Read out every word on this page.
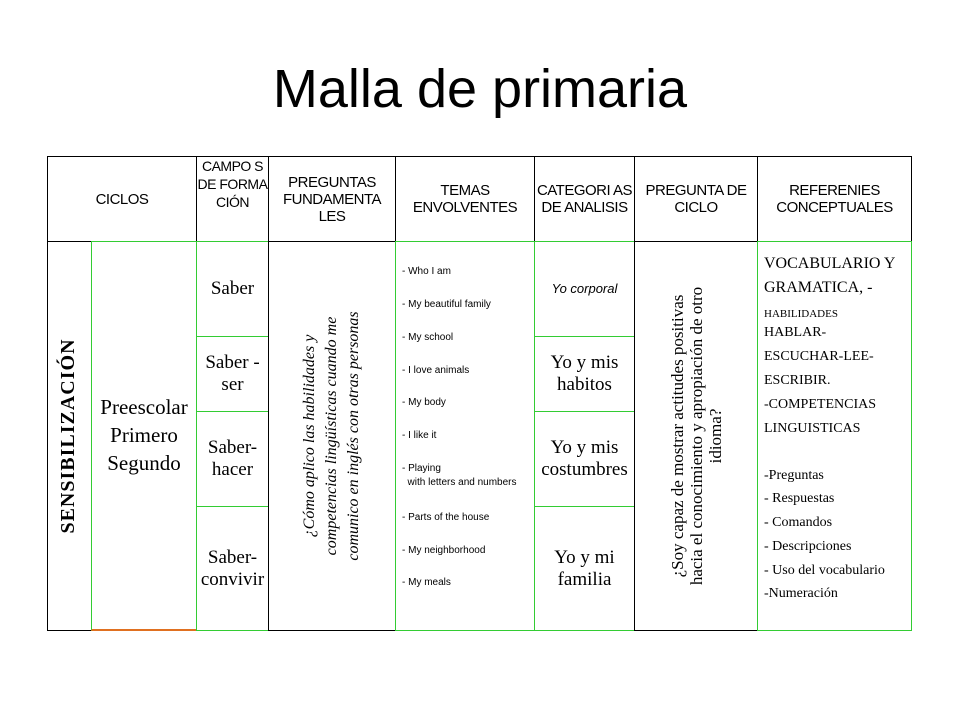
Malla de primaria
CICLOS
CAMPO S DE FORMA CIÓN
PREGUNTAS FUNDAMENTA LES
TEMAS ENVOLVENTES
CATEGORI AS DE ANALISIS
PREGUNTA DE CICLO
REFERENIES CONCEPTUALES
SENSIBILIZACIÓN Preescolar
Primero
Segundo
Saber
Saber - ser
Saber- hacer
Saber- convivir
¿Cómo aplico las habilidades y competencias lingüísticas cuando me comunico en inglés con otras personas
- Who I am
- My beautiful family
- My school
- I love animals
- My body
- I like it
- Playing
with letters and numbers
- Parts of the house
- My neighborhood
- My meals
Yo corporal
Yo y mis habitos
Yo y mis costumbres
Yo y mi familia
¿Soy capaz de mostrar actitudes positivas hacia el conocimiento y apropiación de otro idioma?
VOCABULARIO Y
GRAMATICA, -
HABILIDADES
HABLAR-
ESCUCHAR-LEE-
ESCRIBIR.
-COMPETENCIAS
LINGUISTICAS
-Preguntas
- Respuestas
- Comandos
- Descripciones
- Uso del vocabulario
-Numeración
